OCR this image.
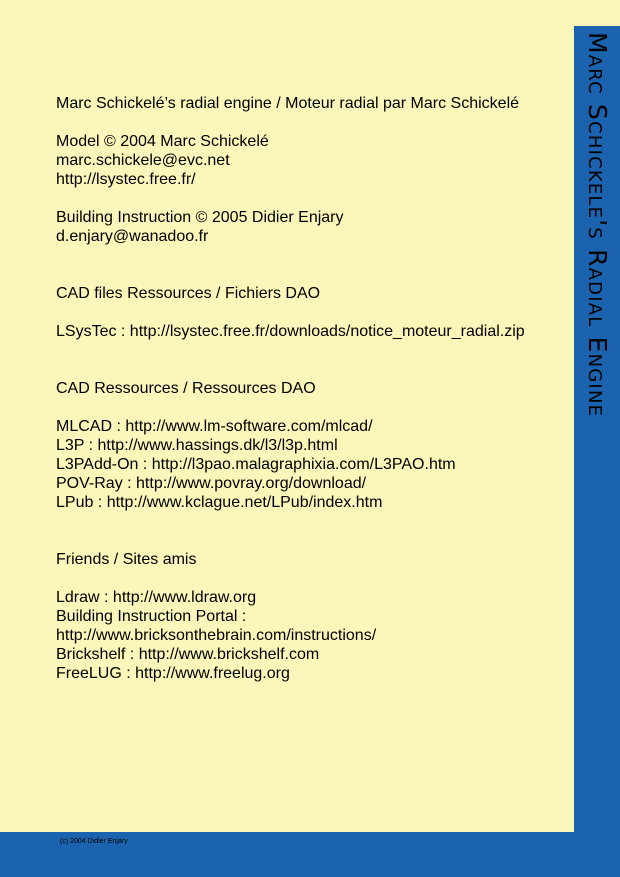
Marc Schickele's Radial Engine
(c) 2004 Didier Enjary
Marc Schickelé’s radial engine / Moteur radial par Marc Schickelé
Model © 2004 Marc Schickelé
marc.schickele@evc.net
http://lsystec.free.fr/
Building Instruction © 2005 Didier Enjary
d.enjary@wanadoo.fr
CAD files Ressources / Fichiers DAO
LSysTec : http://lsystec.free.fr/downloads/notice_moteur_radial.zip
CAD Ressources / Ressources DAO
MLCAD : http://www.lm-software.com/mlcad/
L3P : http://www.hassings.dk/l3/l3p.html
L3PAdd-On : http://l3pao.malagraphixia.com/L3PAO.htm
POV-Ray : http://www.povray.org/download/
LPub : http://www.kclague.net/LPub/index.htm
Friends / Sites amis
Ldraw : http://www.ldraw.org
Building Instruction Portal :
http://www.bricksonthebrain.com/instructions/
Brickshelf : http://www.brickshelf.com
FreeLUG : http://www.freelug.org
